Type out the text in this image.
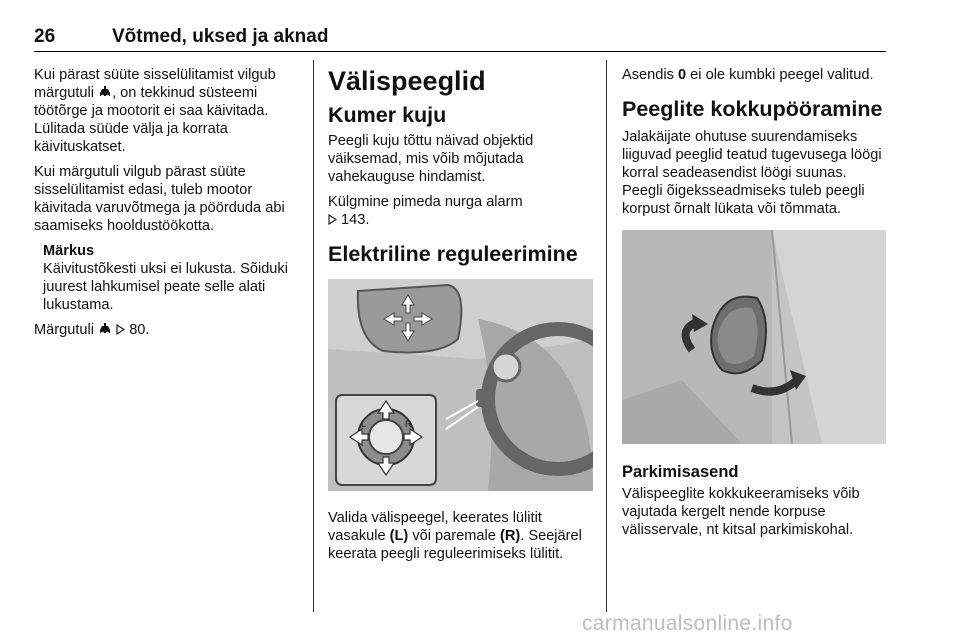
26	Võtmed, uksed ja aknad
Kui pärast süüte sisselülitamist vilgub märgutuli , on tekkinud süsteemi töötõrge ja mootorit ei saa käivitada. Lülitada süüde välja ja korrata käivituskatset.
Kui märgutuli vilgub pärast süüte sisselülitamist edasi, tuleb mootor käivitada varuvõtmega ja pöörduda abi saamiseks hooldustöökotta.
Märkus
Käivitustõkesti uksi ei lukusta. Sõiduki juurest lahkumisel peate selle alati lukustama.
Märgutuli   80.
Välispeeglid
Kumer kuju
Peegli kuju tõttu näivad objektid väiksemad, mis võib mõjutada vahekauguse hindamist.
Külgmine pimeda nurga alarm
143.
Elektriline reguleerimine
L	R
Valida välispeegel, keerates lülitit vasakule (L) või paremale (R). Seejärel keerata peegli reguleerimiseks lülitit.
Asendis 0 ei ole kumbki peegel valitud.
Peeglite kokkupööramine
Jalakäijate ohutuse suurendamiseks liiguvad peeglid teatud tugevusega löögi korral seadeasendist löögi suunas. Peegli õigeksseadmiseks tuleb peegli korpust õrnalt lükata või tõmmata.
Parkimisasend
Välispeeglite kokkukeeramiseks võib vajutada kergelt nende korpuse välisservale, nt kitsal parkimiskohal.
carmanualsonline.info
